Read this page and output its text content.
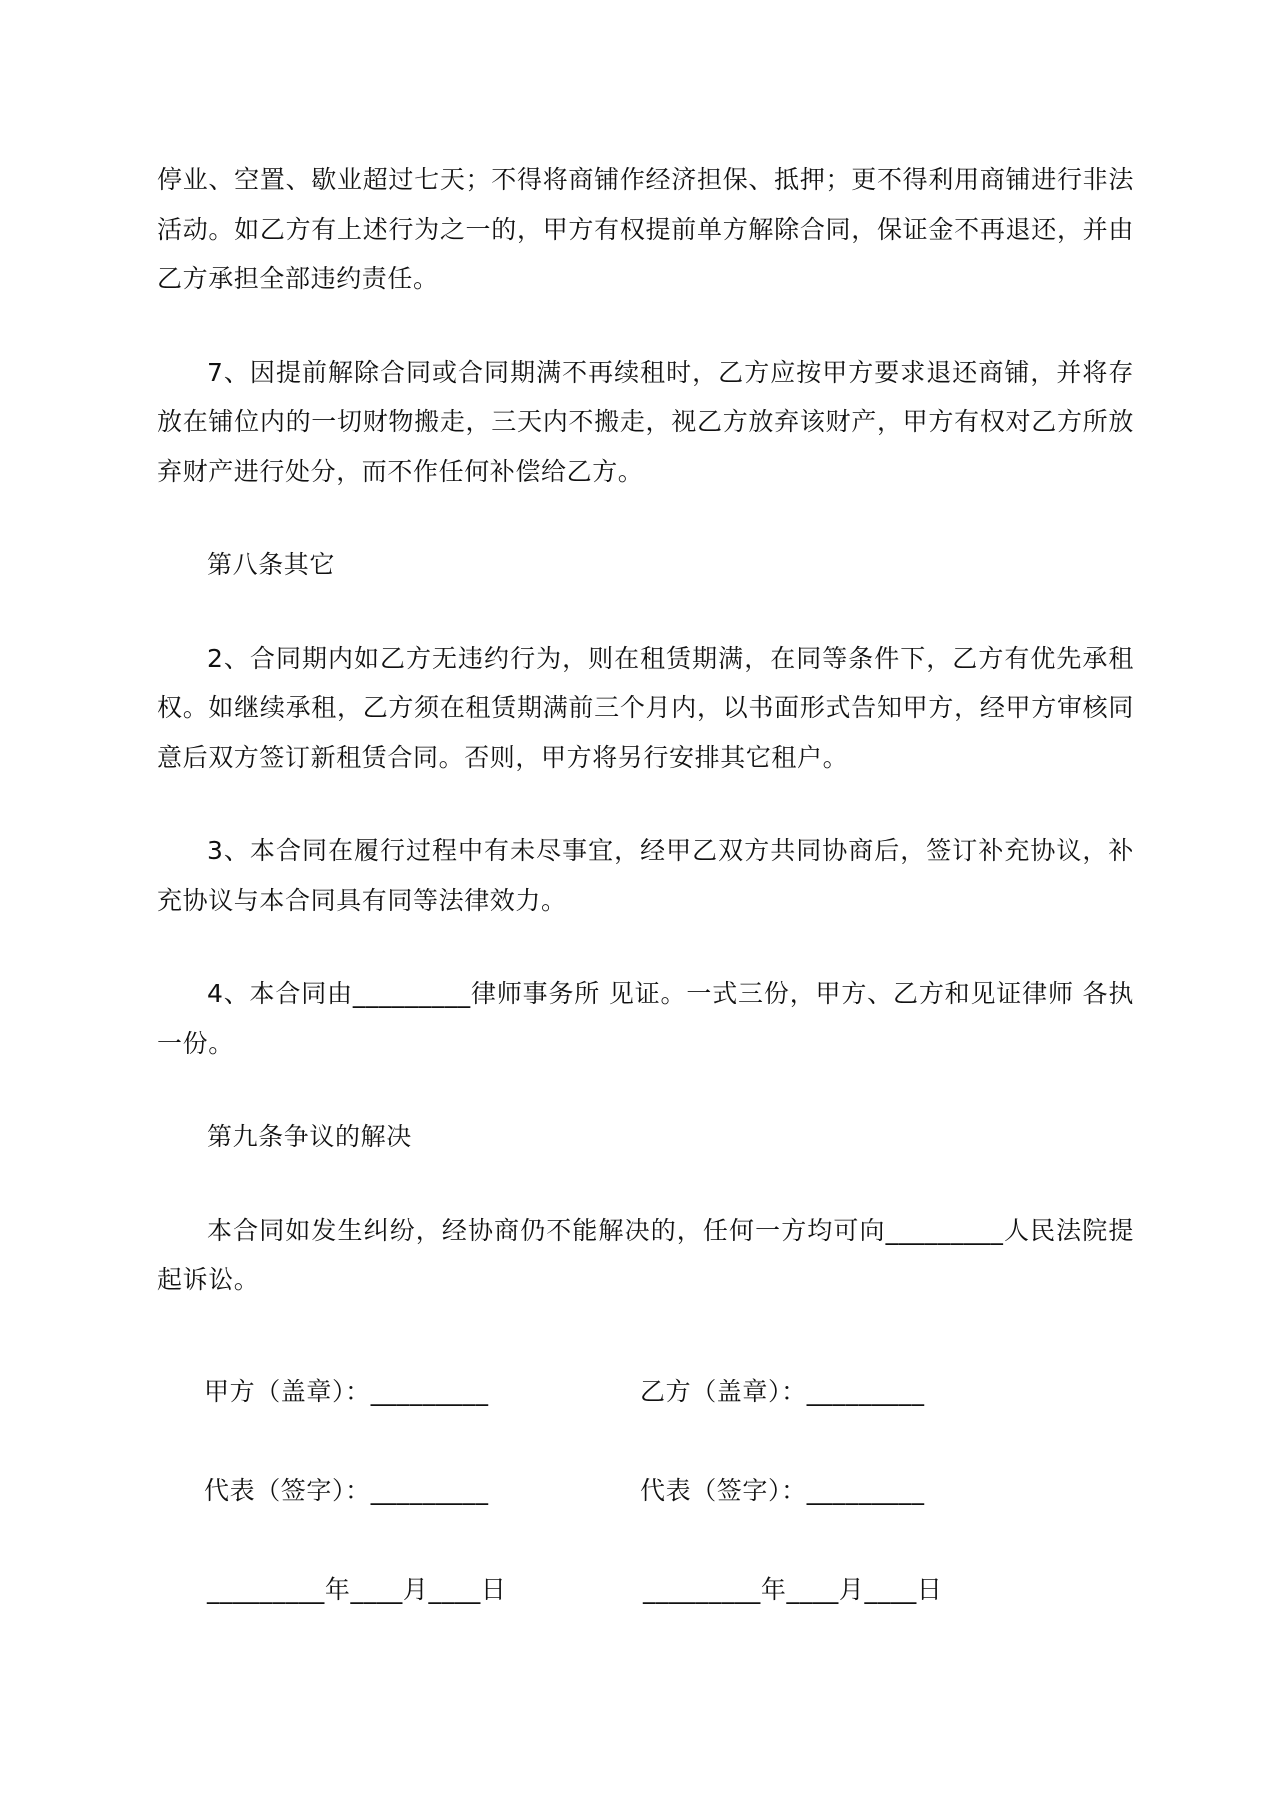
停业、空置、歇业超过七天；不得将商铺作经济担保、抵押；更不得利用商铺进行非法活动。如乙方有上述行为之一的，甲方有权提前单方解除合同，保证金不再退还，并由乙方承担全部违约责任。

7、因提前解除合同或合同期满不再续租时，乙方应按甲方要求退还商铺，并将存放在铺位内的一切财物搬走，三天内不搬走，视乙方放弃该财产，甲方有权对乙方所放弃财产进行处分，而不作任何补偿给乙方。

第八条其它

2、合同期内如乙方无违约行为，则在租赁期满，在同等条件下，乙方有优先承租权。如继续承租，乙方须在租赁期满前三个月内，以书面形式告知甲方，经甲方审核同意后双方签订新租赁合同。否则，甲方将另行安排其它租户。

3、本合同在履行过程中有未尽事宜，经甲乙双方共同协商后，签订补充协议，补充协议与本合同具有同等法律效力。

4、本合同由_________律师事务所 见证。一式三份，甲方、乙方和见证律师 各执一份。

第九条争议的解决

本合同如发生纠纷，经协商仍不能解决的，任何一方均可向_________人民法院提起诉讼。

甲方（盖章）：_________	乙方（盖章）：_________
代表（签字）：_________	代表（签字）：_________
_________年____月____日	_________年____月____日
